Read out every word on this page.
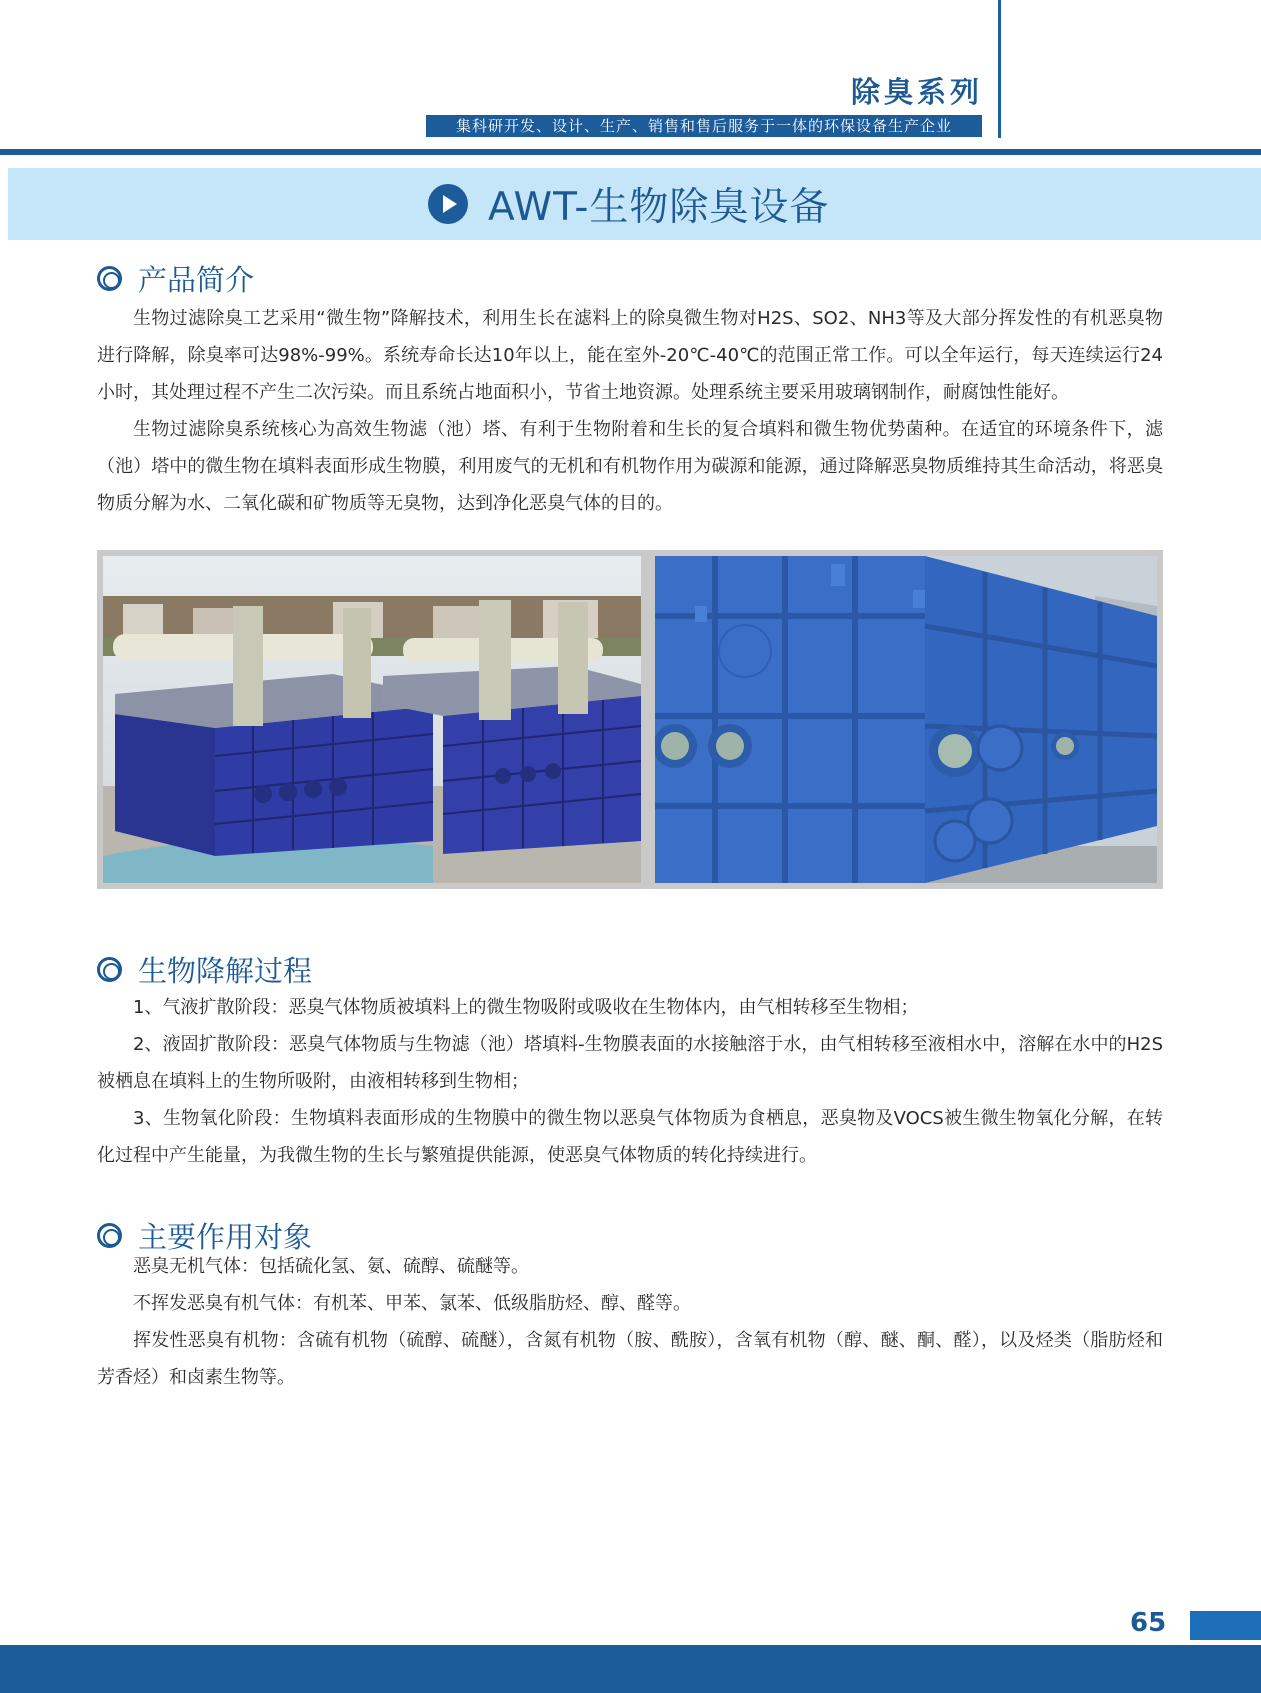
除臭系列
集科研开发、设计、生产、销售和售后服务于一体的环保设备生产企业
AWT-生物除臭设备
产品简介

生物过滤除臭工艺采用“微生物”降解技术，利用生长在滤料上的除臭微生物对H2S、SO2、NH3等及大部分挥发性的有机恶臭物进行降解，除臭率可达98%-99%。系统寿命长达10年以上，能在室外-20℃-40℃的范围正常工作。可以全年运行，每天连续运行24小时，其处理过程不产生二次污染。而且系统占地面积小，节省土地资源。处理系统主要采用玻璃钢制作，耐腐蚀性能好。

生物过滤除臭系统核心为高效生物滤（池）塔、有利于生物附着和生长的复合填料和微生物优势菌种。在适宜的环境条件下，滤（池）塔中的微生物在填料表面形成生物膜，利用废气的无机和有机物作用为碳源和能源，通过降解恶臭物质维持其生命活动，将恶臭物质分解为水、二氧化碳和矿物质等无臭物，达到净化恶臭气体的目的。

生物降解过程

1、气液扩散阶段：恶臭气体物质被填料上的微生物吸附或吸收在生物体内，由气相转移至生物相；

2、液固扩散阶段：恶臭气体物质与生物滤（池）塔填料-生物膜表面的水接触溶于水，由气相转移至液相水中，溶解在水中的H2S被栖息在填料上的生物所吸附，由液相转移到生物相；

3、生物氧化阶段：生物填料表面形成的生物膜中的微生物以恶臭气体物质为食栖息，恶臭物及VOCS被生微生物氧化分解，在转化过程中产生能量，为我微生物的生长与繁殖提供能源，使恶臭气体物质的转化持续进行。

主要作用对象

恶臭无机气体：包括硫化氢、氨、硫醇、硫醚等。

不挥发恶臭有机气体：有机苯、甲苯、氯苯、低级脂肪烃、醇、醛等。

挥发性恶臭有机物：含硫有机物（硫醇、硫醚），含氮有机物（胺、酰胺），含氧有机物（醇、醚、酮、醛），以及烃类（脂肪烃和芳香烃）和卤素生物等。

65
